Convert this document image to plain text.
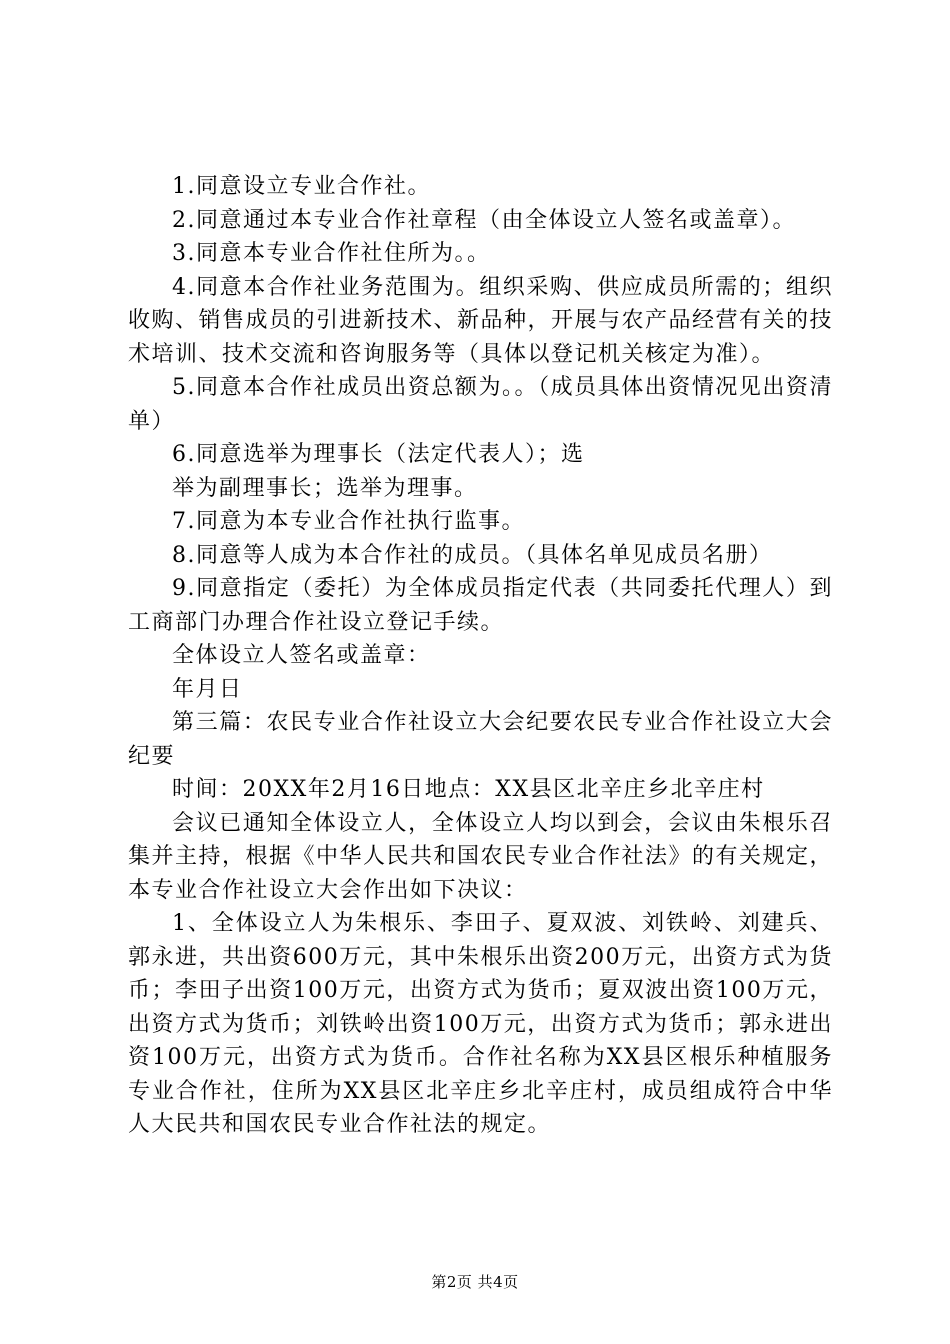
1.同意设立专业合作社。

2.同意通过本专业合作社章程（由全体设立人签名或盖章）。

3.同意本专业合作社住所为。。

4.同意本合作社业务范围为。组织采购、供应成员所需的；组织收购、销售成员的引进新技术、新品种，开展与农产品经营有关的技术培训、技术交流和咨询服务等（具体以登记机关核定为准）。

5.同意本合作社成员出资总额为。。（成员具体出资情况见出资清单）

6.同意选举为理事长（法定代表人）；选

举为副理事长；选举为理事。

7.同意为本专业合作社执行监事。

8.同意等人成为本合作社的成员。（具体名单见成员名册）

9.同意指定（委托）为全体成员指定代表（共同委托代理人）到工商部门办理合作社设立登记手续。

全体设立人签名或盖章：

年月日

第三篇：农民专业合作社设立大会纪要农民专业合作社设立大会纪要

时间：20XX年2月16日地点：XX县区北辛庄乡北辛庄村

会议已通知全体设立人，全体设立人均以到会，会议由朱根乐召集并主持，根据《中华人民共和国农民专业合作社法》的有关规定，本专业合作社设立大会作出如下决议：

1、全体设立人为朱根乐、李田子、夏双波、刘铁岭、刘建兵、郭永进，共出资600万元，其中朱根乐出资200万元，出资方式为货币；李田子出资100万元，出资方式为货币；夏双波出资100万元，出资方式为货币；刘铁岭出资100万元，出资方式为货币；郭永进出资100万元，出资方式为货币。合作社名称为XX县区根乐种植服务专业合作社，住所为XX县区北辛庄乡北辛庄村，成员组成符合中华人大民共和国农民专业合作社法的规定。

第2页 共4页
